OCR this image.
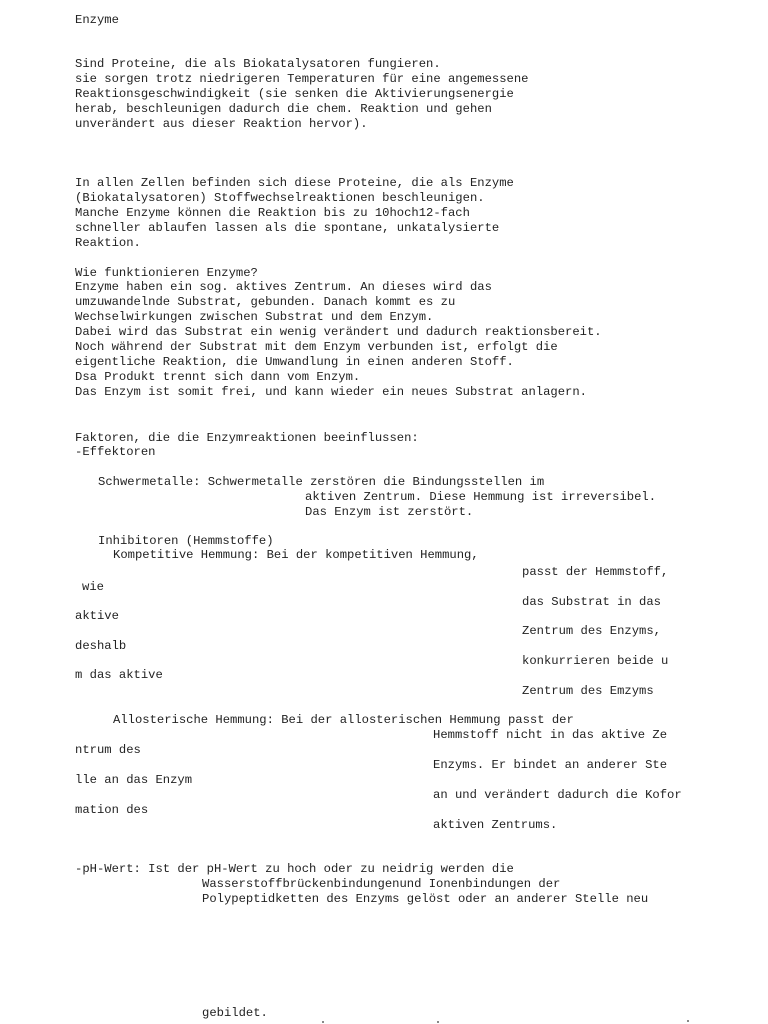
Enzyme
Sind Proteine, die als Biokatalysatoren fungieren.
sie sorgen trotz niedrigeren Temperaturen für eine angemessene
Reaktionsgeschwindigkeit (sie senken die Aktivierungsenergie
herab, beschleunigen dadurch die chem. Reaktion und gehen
unverändert aus dieser Reaktion hervor).
In allen Zellen befinden sich diese Proteine, die als Enzyme
(Biokatalysatoren) Stoffwechselreaktionen beschleunigen.
Manche Enzyme können die Reaktion bis zu 10hoch12-fach
schneller ablaufen lassen als die spontane, unkatalysierte
Reaktion.
Wie funktionieren Enzyme?
Enzyme haben ein sog. aktives Zentrum. An dieses wird das
umzuwandelnde Substrat, gebunden. Danach kommt es zu
Wechselwirkungen zwischen Substrat und dem Enzym.
Dabei wird das Substrat ein wenig verändert und dadurch reaktionsbereit.
Noch während der Substrat mit dem Enzym verbunden ist, erfolgt die
eigentliche Reaktion, die Umwandlung in einen anderen Stoff.
Dsa Produkt trennt sich dann vom Enzym.
Das Enzym ist somit frei, und kann wieder ein neues Substrat anlagern.
Faktoren, die die Enzymreaktionen beeinflussen:
-Effektoren
Schwermetalle: Schwermetalle zerstören die Bindungsstellen im
aktiven Zentrum. Diese Hemmung ist irreversibel.
Das Enzym ist zerstört.
Inhibitoren (Hemmstoffe)
Kompetitive Hemmung: Bei der kompetitiven Hemmung,
passt der Hemmstoff,
wie
das Substrat in das
aktive
Zentrum des Enzyms,
deshalb
konkurrieren beide u
m das aktive
Zentrum des Emzyms
Allosterische Hemmung: Bei der allosterischen Hemmung passt der
Hemmstoff nicht in das aktive Ze
ntrum des
Enzyms. Er bindet an anderer Ste
lle an das Enzym
an und verändert dadurch die Kofor
mation des
aktiven Zentrums.
-pH-Wert: Ist der pH-Wert zu hoch oder zu neidrig werden die
Wasserstoffbrückenbindungenund Ionenbindungen der
Polypeptidketten des Enzyms gelöst oder an anderer Stelle neu
gebildet.
